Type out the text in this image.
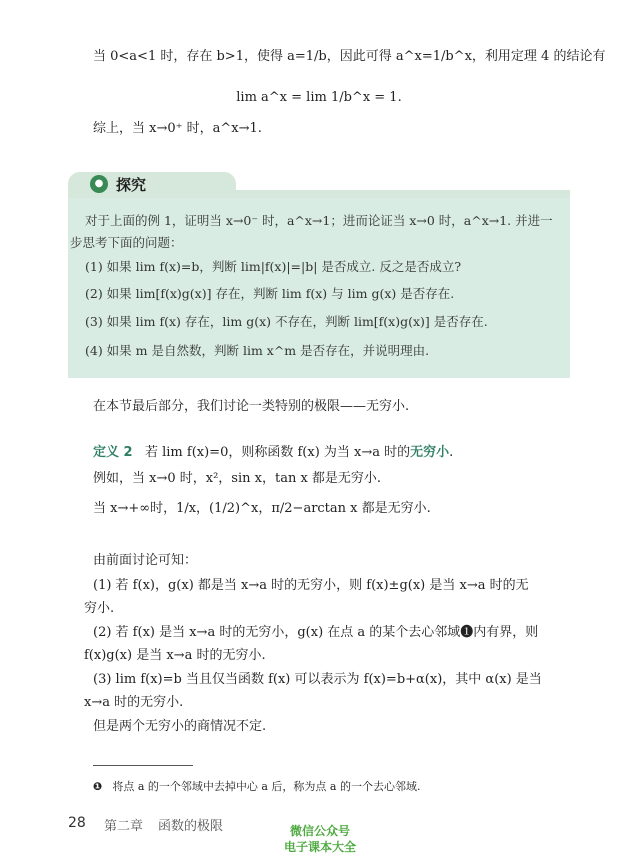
当 0<a<1 时，存在 b>1，使得 a=1/b，因此可得 a^x=1/b^x，利用定理 4 的结论有
lim a^x = lim 1/b^x = 1.
综上，当 x→0⁺ 时，a^x→1.
● 探究
对于上面的例 1，证明当 x→0⁻ 时，a^x→1；进而论证当 x→0 时，a^x→1. 并进一
步思考下面的问题：
(1) 如果 lim f(x)=b，判断 lim|f(x)|=|b| 是否成立. 反之是否成立?
(2) 如果 lim[f(x)g(x)] 存在，判断 lim f(x) 与 lim g(x) 是否存在.
(3) 如果 lim f(x) 存在，lim g(x) 不存在，判断 lim[f(x)g(x)] 是否存在.
(4) 如果 m 是自然数，判断 lim x^m 是否存在，并说明理由.
在本节最后部分，我们讨论一类特别的极限——无穷小.
定义 2 若 lim f(x)=0，则称函数 f(x) 为当 x→a 时的无穷小.
例如，当 x→0 时，x²，sin x，tan x 都是无穷小.
当 x→+∞时，1/x，(1/2)^x，π/2−arctan x 都是无穷小.
由前面讨论可知：
(1) 若 f(x)，g(x) 都是当 x→a 时的无穷小，则 f(x)±g(x) 是当 x→a 时的无
穷小.
(2) 若 f(x) 是当 x→a 时的无穷小，g(x) 在点 a 的某个去心邻域❶内有界，则
f(x)g(x) 是当 x→a 时的无穷小.
(3) lim f(x)=b 当且仅当函数 f(x) 可以表示为 f(x)=b+α(x)，其中 α(x) 是当
x→a 时的无穷小.
但是两个无穷小的商情况不定.
❶ 将点 a 的一个邻域中去掉中心 a 后，称为点 a 的一个去心邻域.
28 第二章 函数的极限	微信公众号
电子课本大全
